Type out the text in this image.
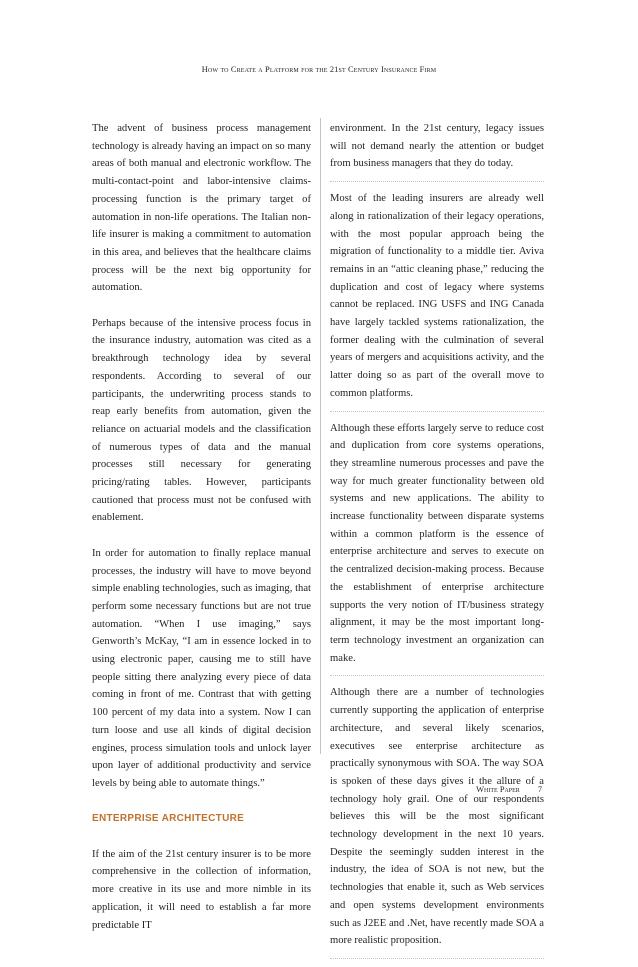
How to Create a Platform for the 21st Century Insurance Firm

The advent of business process management technology is already having an impact on so many areas of both manual and electronic workflow. The multi-contact-point and labor-intensive claims-processing function is the primary target of automation in non-life operations. The Italian non-life insurer is making a commitment to automation in this area, and believes that the healthcare claims process will be the next big opportunity for automation.

Perhaps because of the intensive process focus in the insurance industry, automation was cited as a breakthrough technology idea by several respondents. According to several of our participants, the underwriting process stands to reap early benefits from automation, given the reliance on actuarial models and the classification of numerous types of data and the manual processes still necessary for generating pricing/rating tables. However, participants cautioned that process must not be confused with enablement.

In order for automation to finally replace manual processes, the industry will have to move beyond simple enabling technologies, such as imaging, that perform some necessary functions but are not true automation. “When I use imaging,” says Genworth’s McKay, “I am in essence locked in to using electronic paper, causing me to still have people sitting there analyzing every piece of data coming in front of me. Contrast that with getting 100 percent of my data into a system. Now I can turn loose and use all kinds of digital decision engines, process simulation tools and unlock layer upon layer of additional productivity and service levels by being able to automate things.”

ENTERPRISE ARCHITECTURE

If the aim of the 21st century insurer is to be more comprehensive in the collection of information, more creative in its use and more nimble in its application, it will need to establish a far more predictable IT

environment. In the 21st century, legacy issues will not demand nearly the attention or budget from business managers that they do today.

Most of the leading insurers are already well along in rationalization of their legacy operations, with the most popular approach being the migration of functionality to a middle tier. Aviva remains in an “attic cleaning phase,” reducing the duplication and cost of legacy where systems cannot be replaced. ING USFS and ING Canada have largely tackled systems rationalization, the former dealing with the culmination of several years of mergers and acquisitions activity, and the latter doing so as part of the overall move to common platforms.

Although these efforts largely serve to reduce cost and duplication from core systems operations, they streamline numerous processes and pave the way for much greater functionality between old systems and new applications. The ability to increase functionality between disparate systems within a common platform is the essence of enterprise architecture and serves to execute on the centralized decision-making process. Because the establishment of enterprise architecture supports the very notion of IT/business strategy alignment, it may be the most important long-term technology investment an organization can make.

Although there are a number of technologies currently supporting the application of enterprise architecture, and several likely scenarios, executives see enterprise architecture as practically synonymous with SOA. The way SOA is spoken of these days gives it the allure of a technology holy grail. One of our respondents believes this will be the most significant technology development in the next 10 years. Despite the seemingly sudden interest in the industry, the idea of SOA is not new, but the technologies that enable it, such as Web services and open systems development environments such as J2EE and .Net, have recently made SOA a more realistic proposition.

White Paper 7
